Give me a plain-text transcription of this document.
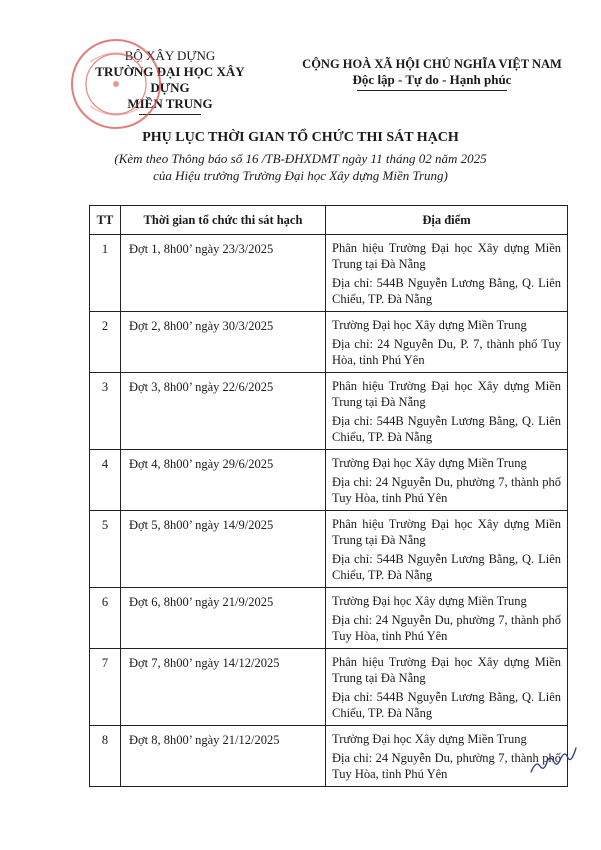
BỘ XÂY DỰNG
TRƯỜNG ĐẠI HỌC XÂY DỰNG
MIỀN TRUNG
CỘNG HOÀ XÃ HỘI CHỦ NGHĨA VIỆT NAM
Độc lập - Tự do - Hạnh phúc
PHỤ LỤC THỜI GIAN TỔ CHỨC THI SÁT HẠCH
(Kèm theo Thông báo số 16 /TB-ĐHXDMT ngày 11 tháng 02 năm 2025
của Hiệu trưởng Trường Đại học Xây dựng Miền Trung)
TT	Thời gian tổ chức thi sát hạch	Địa điểm
1	Đợt 1, 8h00’ ngày 23/3/2025	Phân hiệu Trường Đại học Xây dựng Miền Trung tại Đà Nẵng
Địa chỉ: 544B Nguyễn Lương Bằng, Q. Liên Chiểu, TP. Đà Nẵng

2	Đợt 2, 8h00’ ngày 30/3/2025	Trường Đại học Xây dựng Miền Trung
Địa chỉ: 24 Nguyễn Du, P. 7, thành phố Tuy Hòa, tỉnh Phú Yên

3	Đợt 3, 8h00’ ngày 22/6/2025	Phân hiệu Trường Đại học Xây dựng Miền Trung tại Đà Nẵng
Địa chỉ: 544B Nguyễn Lương Bằng, Q. Liên Chiểu, TP. Đà Nẵng

4	Đợt 4, 8h00’ ngày 29/6/2025	Trường Đại học Xây dựng Miền Trung
Địa chỉ: 24 Nguyễn Du, phường 7, thành phố Tuy Hòa, tỉnh Phú Yên

5	Đợt 5, 8h00’ ngày 14/9/2025	Phân hiệu Trường Đại học Xây dựng Miền Trung tại Đà Nẵng
Địa chỉ: 544B Nguyễn Lương Bằng, Q. Liên Chiểu, TP. Đà Nẵng

6	Đợt 6, 8h00’ ngày 21/9/2025	Trường Đại học Xây dựng Miền Trung
Địa chỉ: 24 Nguyễn Du, phường 7, thành phố Tuy Hòa, tỉnh Phú Yên

7	Đợt 7, 8h00’ ngày 14/12/2025	Phân hiệu Trường Đại học Xây dựng Miền Trung tại Đà Nẵng
Địa chỉ: 544B Nguyễn Lương Bằng, Q. Liên Chiểu, TP. Đà Nẵng

8	Đợt 8, 8h00’ ngày 21/12/2025	Trường Đại học Xây dựng Miền Trung
Địa chỉ: 24 Nguyễn Du, phường 7, thành phố Tuy Hòa, tỉnh Phú Yên
